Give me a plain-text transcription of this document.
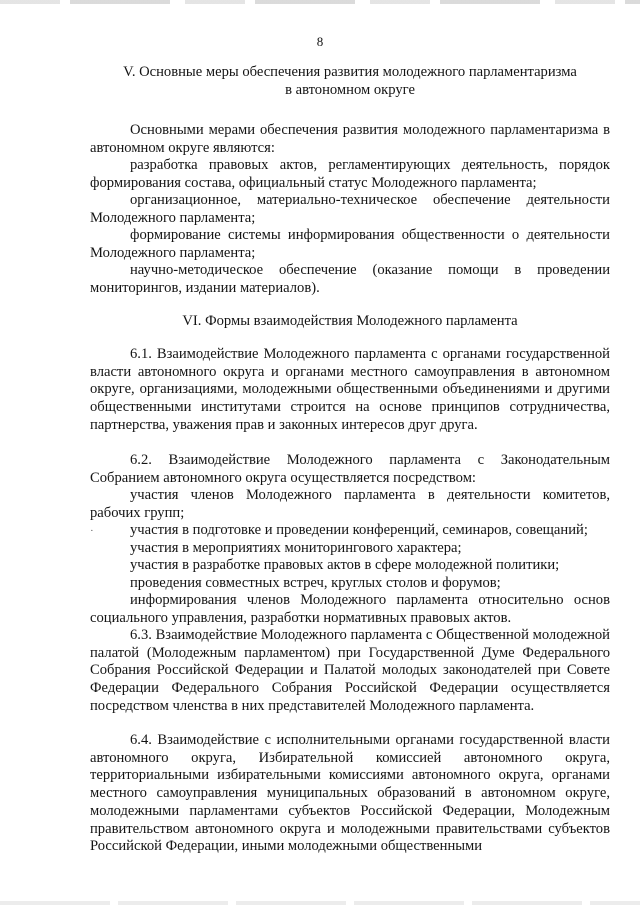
8
V. Основные меры обеспечения развития молодежного парламентаризма
в автономном округе
Основными мерами обеспечения развития молодежного парламентаризма в автономном округе являются:
разработка правовых актов, регламентирующих деятельность, порядок формирования состава, официальный статус Молодежного парламента;
организационное, материально-техническое обеспечение деятельности Молодежного парламента;
формирование системы информирования общественности о деятельности Молодежного парламента;
научно-методическое обеспечение (оказание помощи в проведении мониторингов, издании материалов).
VI. Формы взаимодействия Молодежного парламента
6.1. Взаимодействие Молодежного парламента с органами государственной власти автономного округа и органами местного самоуправления в автономном округе, организациями, молодежными общественными объединениями и другими общественными институтами строится на основе принципов сотрудничества, партнерства, уважения прав и законных интересов друг друга.
6.2. Взаимодействие Молодежного парламента с Законодательным Собранием автономного округа осуществляется посредством:
участия членов Молодежного парламента в деятельности комитетов, рабочих групп;
·	участия в подготовке и проведении конференций, семинаров, совещаний;
участия в мероприятиях мониторингового характера;
участия в разработке правовых актов в сфере молодежной политики;
проведения совместных встреч, круглых столов и форумов;
информирования членов Молодежного парламента относительно основ социального управления, разработки нормативных правовых актов.
6.3. Взаимодействие Молодежного парламента с Общественной молодежной палатой (Молодежным парламентом) при Государственной Думе Федерального Собрания Российской Федерации и Палатой молодых законодателей при Совете Федерации Федерального Собрания Российской Федерации осуществляется посредством членства в них представителей Молодежного парламента.
6.4. Взаимодействие с исполнительными органами государственной власти автономного округа, Избирательной комиссией автономного округа, территориальными избирательными комиссиями автономного округа, органами местного самоуправления муниципальных образований в автономном округе, молодежными парламентами субъектов Российской Федерации, Молодежным правительством автономного округа и молодежными правительствами субъектов Российской Федерации, иными молодежными общественными
